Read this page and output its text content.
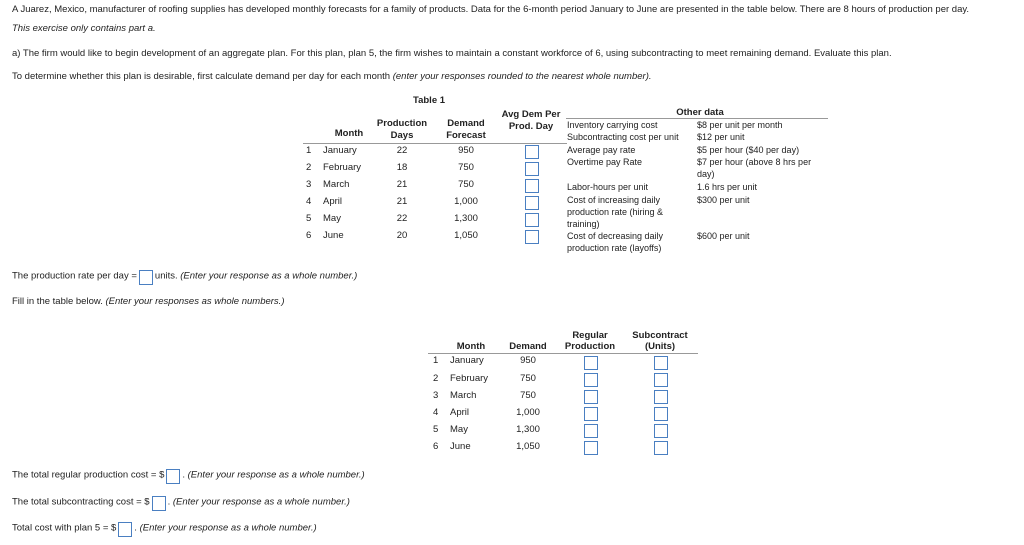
A Juarez, Mexico, manufacturer of roofing supplies has developed monthly forecasts for a family of products. Data for the 6-month period January to June are presented in the table below. There are 8 hours of production per day.
This exercise only contains part a.
a) The firm would like to begin development of an aggregate plan. For this plan, plan 5, the firm wishes to maintain a constant workforce of 6, using subcontracting to meet remaining demand. Evaluate this plan.
To determine whether this plan is desirable, first calculate demand per day for each month (enter your responses rounded to the nearest whole number).
Table 1
Month
Production
Days
Demand
Forecast
Avg Dem Per
Prod. Day
Other data
1 January	22	950
2 February	18	750
3 March	21	750
4 April	21	1,000
5 May	22	1,300
6 June	20	1,050
Inventory carrying cost	$8 per unit per month
Subcontracting cost per unit $12 per unit
Average pay rate	$5 per hour ($40 per day)
Overtime pay Rate	$7 per hour (above 8 hrs per
day)
Labor-hours per unit	1.6 hrs per unit
Cost of increasing daily
production rate (hiring &
training)
$300 per unit
Cost of decreasing daily
production rate (layoffs)
$600 per unit
The production rate per day = units. (Enter your response as a whole number.)
Fill in the table below. (Enter your responses as whole numbers.)
Month	Demand
Regular
Production
Subcontract
(Units)
1 January	950
2 February	750
3 March	750
4 April	1,000
5 May	1,300
6 June	1,050
The total regular production cost = $ . (Enter your response as a whole number.)
The total subcontracting cost = $ . (Enter your response as a whole number.)
Total cost with plan 5 = $ . (Enter your response as a whole number.)
